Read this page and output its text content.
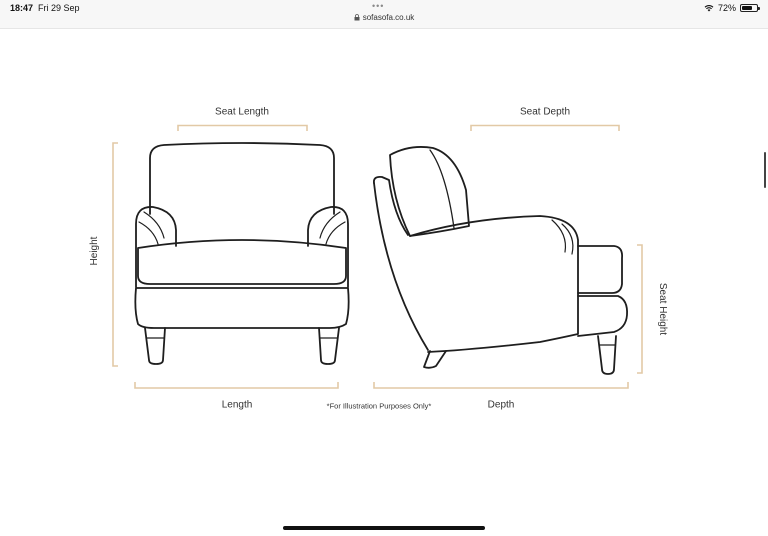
18:47 Fri 29 Sep	•••
sofasofa.co.uk
72%
Seat Length	Seat Depth
Height
Seat Height
Length	*For Illustration Purposes Only*	Depth
